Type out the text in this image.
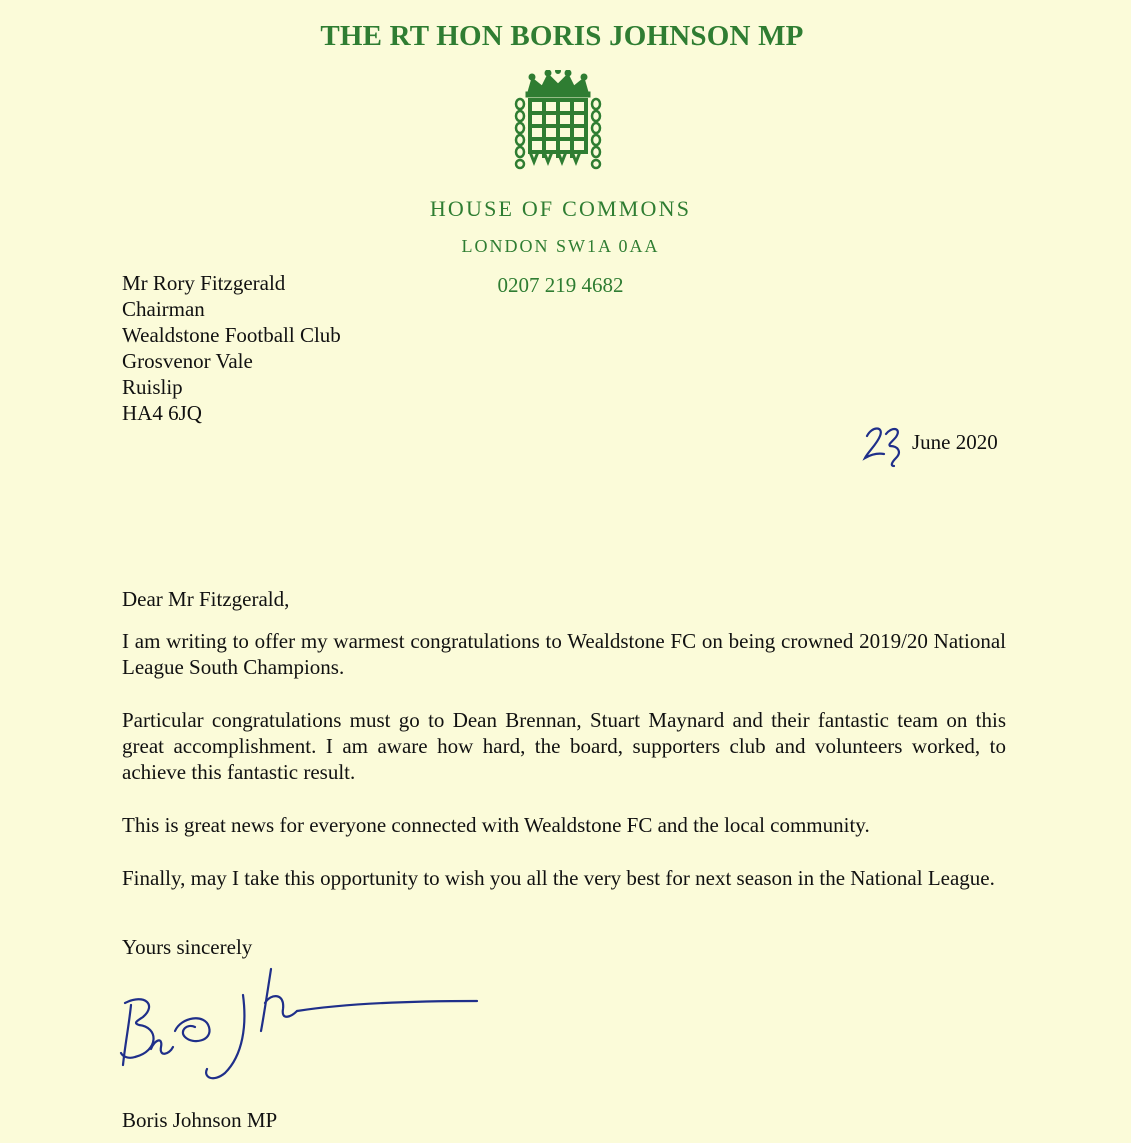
THE RT HON BORIS JOHNSON MP
HOUSE OF COMMONS
LONDON SW1A 0AA
0207 219 4682
Mr Rory Fitzgerald
Chairman
Wealdstone Football Club
Grosvenor Vale
Ruislip
HA4 6JQ
June 2020

Dear Mr Fitzgerald,

I am writing to offer my warmest congratulations to Wealdstone FC on being crowned 2019/20 National League South Champions.

Particular congratulations must go to Dean Brennan, Stuart Maynard and their fantastic team on this great accomplishment. I am aware how hard, the board, supporters club and volunteers worked, to achieve this fantastic result.

This is great news for everyone connected with Wealdstone FC and the local community.

Finally, may I take this opportunity to wish you all the very best for next season in the National League.

Yours sincerely
Boris Johnson MP
